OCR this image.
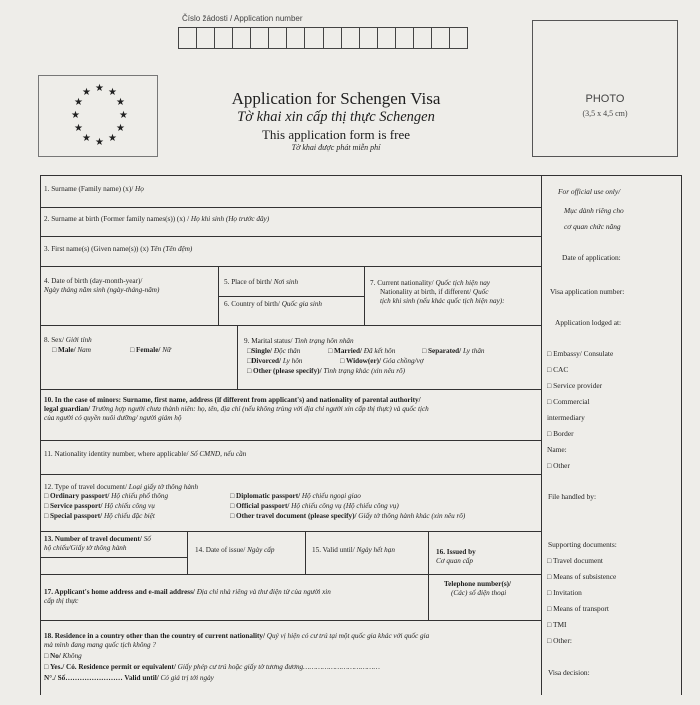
Číslo žádosti / Application number
★ ★
★
★
★
★
★
★
★
★
★
★	Application for Schengen Visa
Tờ khai xin cấp thị thực Schengen
This application form is free
Tờ khai được phát miễn phí
PHOTO
(3,5 x 4,5 cm)
1. Surname (Family name) (x)/ Họ
2. Surname at birth (Former family names(s)) (x) / Họ khi sinh (Họ trước đây)
3. First name(s) (Given name(s)) (x) Tên (Tên đệm)
4. Date of birth (day-month-year)/
Ngày tháng năm sinh (ngày-tháng-năm)
5. Place of birth/ Nơi sinh
6. Country of birth/ Quốc gia sinh
7. Current nationality/ Quốc tịch hiện nay
Nationality at birth, if different/ Quốc
tịch khi sinh (nếu khác quốc tịch hiện nay):
8. Sex/ Giới tính
□ Male/ Nam	□ Female/ Nữ
9. Marital status/ Tình trạng hôn nhân
□Single/ Độc thân	□ Married/ Đã kết hôn	□ Separated/ Ly thân
□Divorced/ Ly hôn	□ Widow(er)/ Góa chồng/vợ
□ Other (please specify)/ Tình trạng khác (xin nêu rõ)
10. In the case of minors: Surname, first name, address (if different from applicant's) and nationality of parental authority/
legal guardian/ Trường hợp người chưa thành niên: họ, tên, địa chỉ (nếu không trùng với địa chỉ người xin cấp thị thực) và quốc tịch
của người có quyền nuôi dưỡng/ người giám hộ
11. Nationality identity number, where applicable/ Số CMND, nếu cần
12. Type of travel document/ Loại giấy tờ thông hành
□ Ordinary passport/ Hộ chiếu phổ thông	□ Diplomatic passport/ Hộ chiếu ngoại giao
□ Service passport/ Hộ chiếu công vụ	□ Official passport/ Hộ chiếu công vụ (Hộ chiếu công vụ)
□ Special passport/ Hộ chiếu đặc biệt	□ Other travel document (please specify)/ Giấy tờ thông hành khác (xin nêu rõ)
13. Number of travel document/ Số
hộ chiếu/Giấy tờ thông hành	14. Date of issue/ Ngày cấp	15. Valid until/ Ngày hết hạn	16. Issued by
Cơ quan cấp
17. Applicant's home address and e-mail address/ Địa chỉ nhà riêng và thư điện tử của người xin
cấp thị thực
Telephone number(s)/
(Các) số điện thoại
18. Residence in a country other than the country of current nationality/ Quý vị hiện có cư trú tại một quốc gia khác với quốc gia
mà mình đang mang quốc tịch không ?
□ No/ Không
□ Yes./ Có. Residence permit or equivalent/ Giấy phép cư trú hoặc giấy tờ tương đương………………………………
N°./ Số…………………… Valid until/ Có giá trị tới ngày
For official use only/
Mục dành riêng cho
cơ quan chức năng
Date of application:
Visa application number:
Application lodged at:
□ Embassy/ Consulate
□ CAC
□ Service provider
□ Commercial
intermediary
□ Border
Name:
□ Other
File handled by:
Supporting documents:
□ Travel document
□ Means of subsistence
□ Invitation
□ Means of transport
□ TMI
□ Other:
Visa decision:
